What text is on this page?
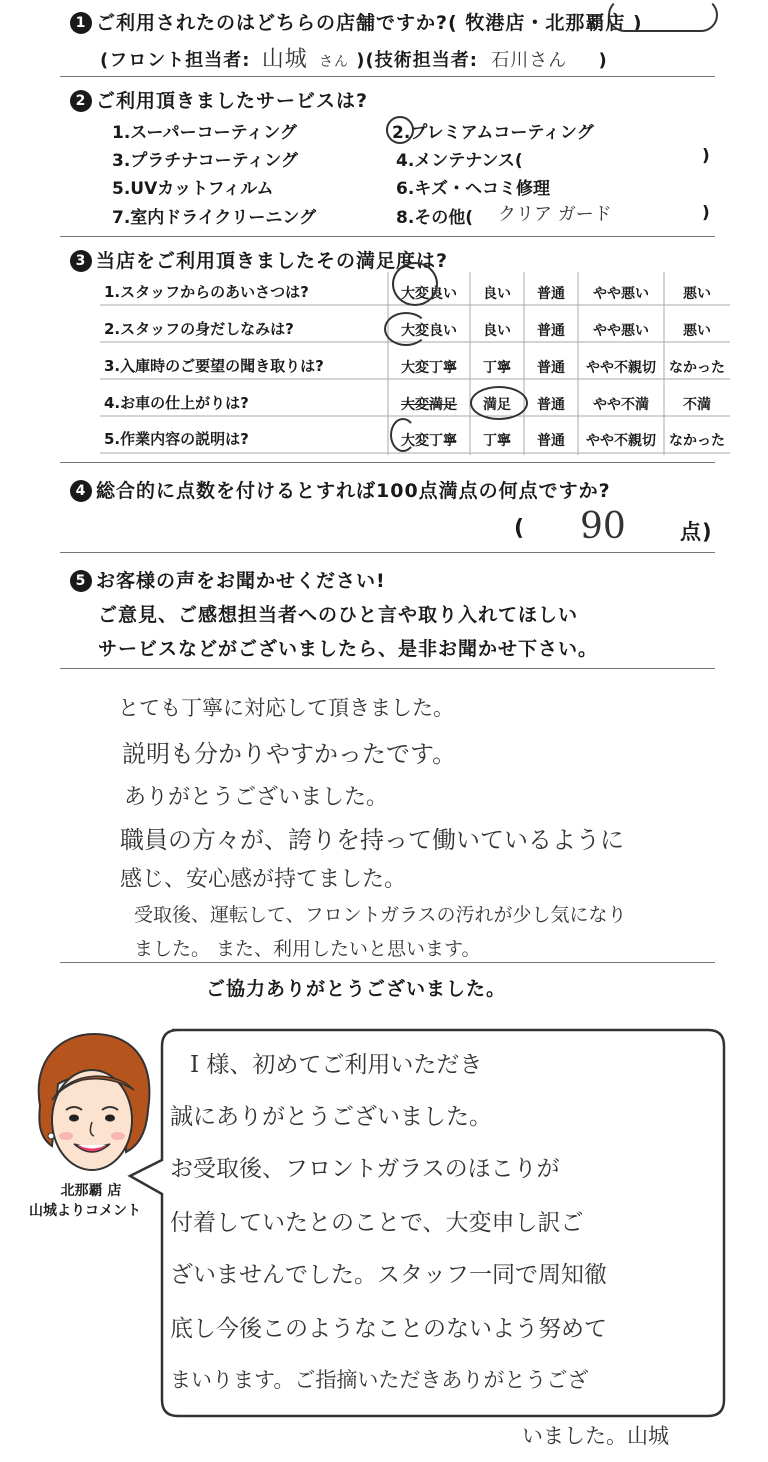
1 ご利用されたのはどちらの店舗ですか?( 牧港店・北那覇店 )
(フロント担当者: 山城 さん )(技術担当者: 石川さん )
2 ご利用頂きましたサービスは?
1.スーパーコーティング	2.プレミアムコーティング
3.プラチナコーティング	4.メンテナンス(	)
5.UVカットフィルム	6.キズ・ヘコミ修理
7.室内ドライクリーニング	8.その他( クリア ガード	)
3 当店をご利用頂きましたその満足度は?
1.スタッフからのあいさつは?	大変良い	良い	普通	やや悪い	悪い
2.スタッフの身だしなみは?	大変良い	良い	普通	やや悪い	悪い
3.入庫時のご要望の聞き取りは?	大変丁寧	丁寧	普通	やや不親切 なかった
4.お車の仕上がりは?	大変満足	満足	普通	やや不満	不満
5.作業内容の説明は?	大変丁寧	丁寧	普通	やや不親切 なかった
4 総合的に点数を付けるとすれば100点満点の何点ですか?
( 90	点)
5 お客様の声をお聞かせください!
ご意見、ご感想担当者へのひと言や取り入れてほしい
サービスなどがございましたら、是非お聞かせ下さい。
とても丁寧に対応して頂きました。
説明も分かりやすかったです。
ありがとうございました。
職員の方々が、誇りを持って働いているように
感じ、安心感が持てました。
受取後、運転して、フロントガラスの汚れが少し気になり
ました。 また、利用したいと思います。
ご協力ありがとうございました。
北那覇 店
山城よりコメント
I 様、初めてご利用いただき
誠にありがとうございました。
お受取後、フロントガラスのほこりが
付着していたとのことで、大変申し訳ご
ざいませんでした。スタッフ一同で周知徹
底し今後このようなことのないよう努めて
まいります。ご指摘いただきありがとうござ
いました。山城
